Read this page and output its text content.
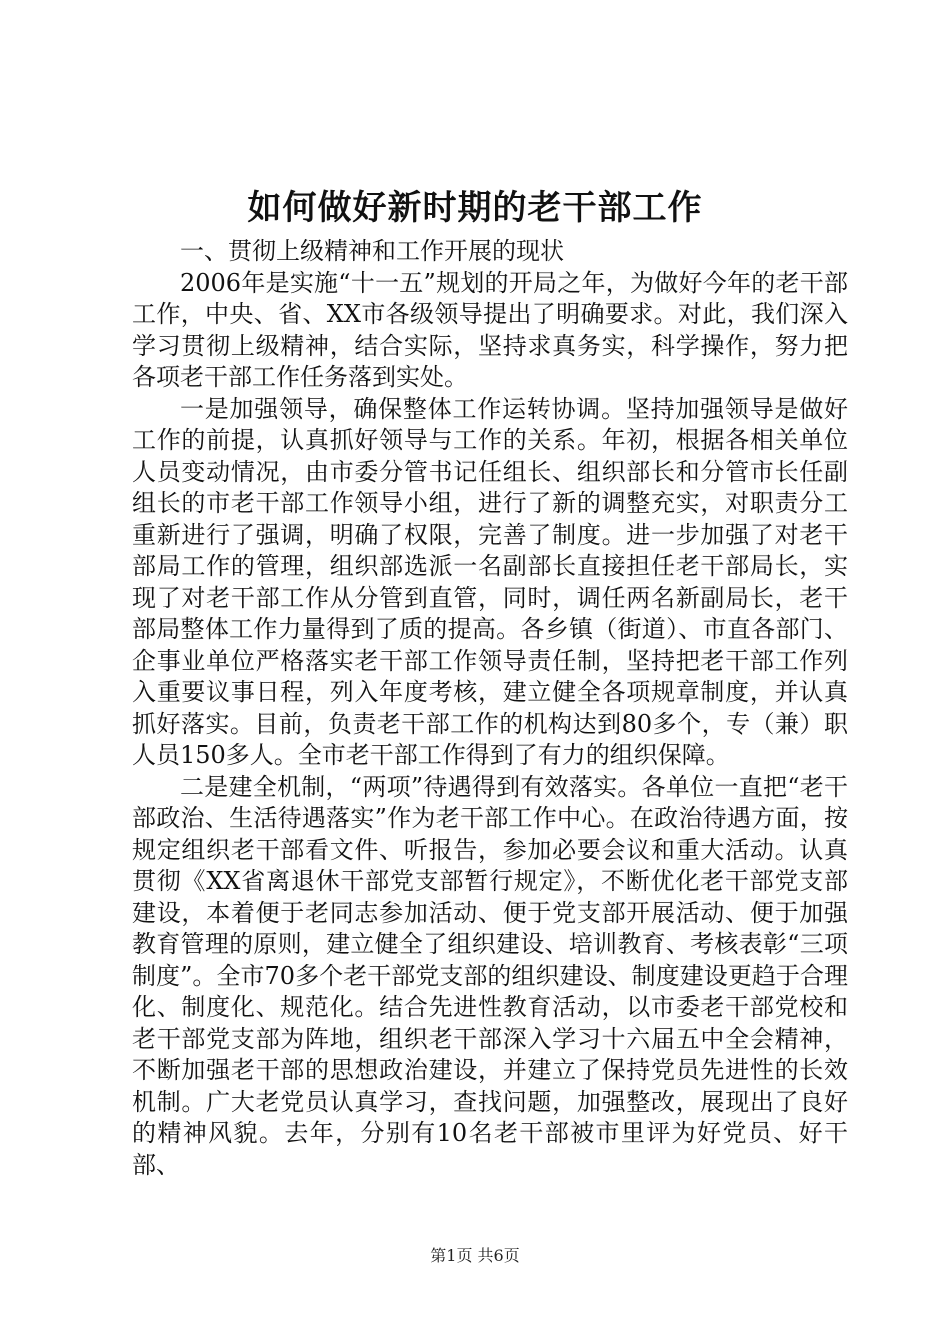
如何做好新时期的老干部工作

一、贯彻上级精神和工作开展的现状

2006年是实施“十一五”规划的开局之年，为做好今年的老干部工作，中央、省、XX市各级领导提出了明确要求。对此，我们深入学习贯彻上级精神，结合实际，坚持求真务实，科学操作，努力把各项老干部工作任务落到实处。

一是加强领导，确保整体工作运转协调。坚持加强领导是做好工作的前提，认真抓好领导与工作的关系。年初，根据各相关单位人员变动情况，由市委分管书记任组长、组织部长和分管市长任副组长的市老干部工作领导小组，进行了新的调整充实，对职责分工重新进行了强调，明确了权限，完善了制度。进一步加强了对老干部局工作的管理，组织部选派一名副部长直接担任老干部局长，实现了对老干部工作从分管到直管，同时，调任两名新副局长，老干部局整体工作力量得到了质的提高。各乡镇（街道）、市直各部门、企事业单位严格落实老干部工作领导责任制，坚持把老干部工作列入重要议事日程，列入年度考核，建立健全各项规章制度，并认真抓好落实。目前，负责老干部工作的机构达到80多个，专（兼）职人员150多人。全市老干部工作得到了有力的组织保障。

二是建全机制，“两项”待遇得到有效落实。各单位一直把“老干部政治、生活待遇落实”作为老干部工作中心。在政治待遇方面，按规定组织老干部看文件、听报告，参加必要会议和重大活动。认真贯彻《XX省离退休干部党支部暂行规定》，不断优化老干部党支部建设，本着便于老同志参加活动、便于党支部开展活动、便于加强教育管理的原则，建立健全了组织建设、培训教育、考核表彰“三项制度”。全市70多个老干部党支部的组织建设、制度建设更趋于合理化、制度化、规范化。结合先进性教育活动，以市委老干部党校和老干部党支部为阵地，组织老干部深入学习十六届五中全会精神，不断加强老干部的思想政治建设，并建立了保持党员先进性的长效机制。广大老党员认真学习，查找问题，加强整改，展现出了良好的精神风貌。去年，分别有10名老干部被市里评为好党员、好干部、

第1页 共6页
